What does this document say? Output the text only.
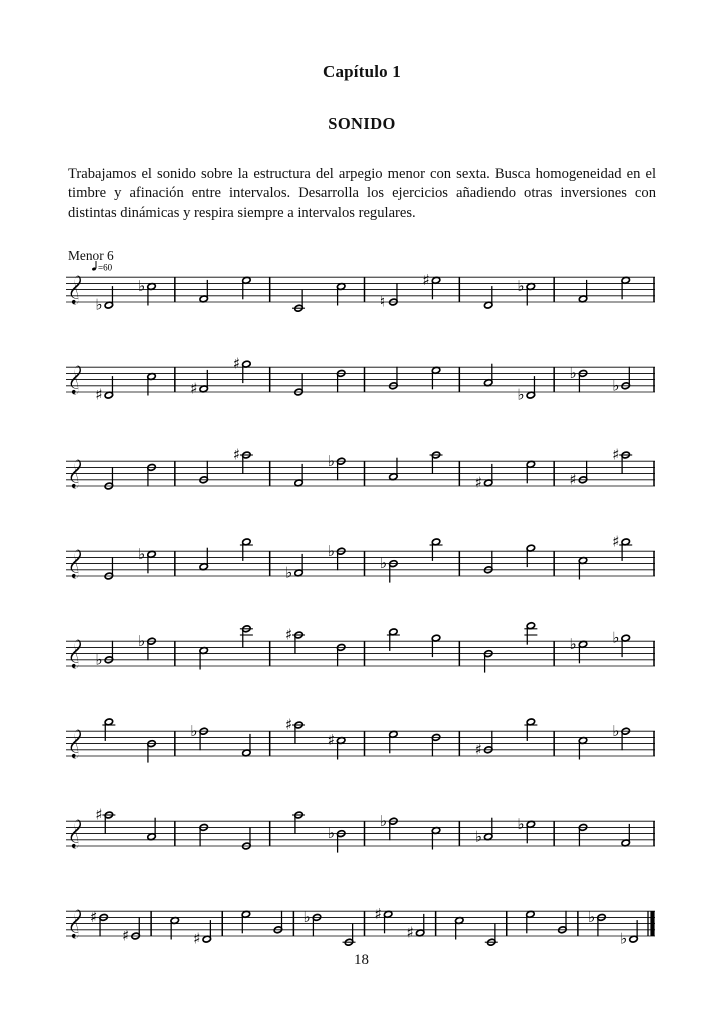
Capítulo 1
SONIDO

Trabajamos el sonido sobre la estructura del arpegio menor con sexta. Busca homogeneidad en el timbre y afinación entre intervalos. Desarrolla los ejercicios añadiendo otras inversiones con distintas dinámicas y respira siempre a intervalos regulares.

Menor 6
=60
♭
♭
♮
♯	♭
♯	♯
♯
♭
♭
♭
♯	♭
♯	♯
♯
♭
♭
♭
♭
♯
♭
♭	♯
♭ ♭
♭	♯
♯
♯
♭
♯
♭
♭
♭
♭
♯
♯	♯
♭	♯
♯
♭
♭
18
